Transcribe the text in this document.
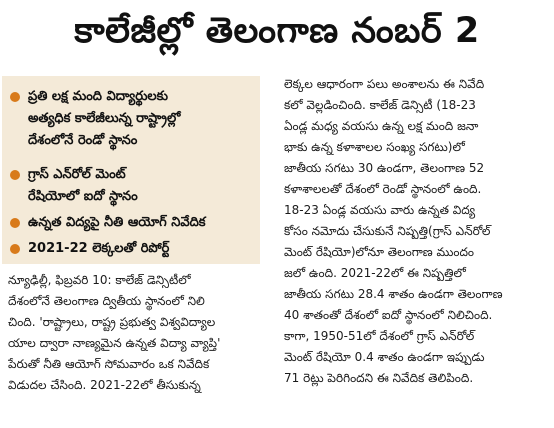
కాలేజీల్లో తెలంగాణ నంబర్ 2
ప్రతి లక్ష మంది విద్యార్థులకు
అత్యధిక కాలేజీలున్న రాష్ట్రాల్లో
దేశంలోనే రెండో స్థానం
గ్రాస్ ఎన్‌రోల్ మెంట్
రేషియోలో ఐదో స్థానం
ఉన్నత విద్యపై నీతి ఆయోగ్ నివేదిక
2021-22 లెక్కలతో రిపోర్ట్
న్యూఢిల్లీ, ఫిబ్రవరి 10: కాలేజ్ డెన్సిటీలో
దేశంలోనే తెలంగాణ ద్వితీయ స్థానంలో నిలి
చింది. 'రాష్ట్రాలు, రాష్ట్ర ప్రభుత్వ విశ్వవిద్యాల
యాల ద్వారా నాణ్యమైన ఉన్నత విద్యా వ్యాప్తి'
పేరుతో నీతి ఆయోగ్ సోమవారం ఒక నివేదిక
విడుదల చేసింది. 2021-22లో తీసుకున్న
లెక్కల ఆధారంగా పలు అంశాలను ఈ నివేది
కలో వెల్లడించింది. కాలేజ్ డెన్సిటీ (18-23
ఏండ్ల మధ్య వయసు ఉన్న లక్ష మంది జనా
భాకు ఉన్న కళాశాలల సంఖ్య సగటు)లో
జాతీయ సగటు 30 ఉండగా, తెలంగాణ 52
కళాశాలలతో దేశంలో రెండో స్థానంలో ఉంది.
18-23 ఏండ్ల వయసు వారు ఉన్నత విద్య
కోసం నమోదు చేసుకునే నిష్పత్తి(గ్రాస్ ఎన్‌రోల్
మెంట్ రేషియో)లోనూ తెలంగాణ ముందం
జలో ఉంది. 2021-22లో ఈ నిష్పత్తిలో
జాతీయ సగటు 28.4 శాతం ఉండగా తెలంగాణ
40 శాతంతో దేశంలో ఐదో స్థానంలో నిలిచింది.
కాగా, 1950-51లో దేశంలో గ్రాస్ ఎన్‌రోల్
మెంట్ రేషియో 0.4 శాతం ఉండగా ఇప్పుడు
71 రెట్లు పెరిగిందని ఈ నివేదిక తెలిపింది.
